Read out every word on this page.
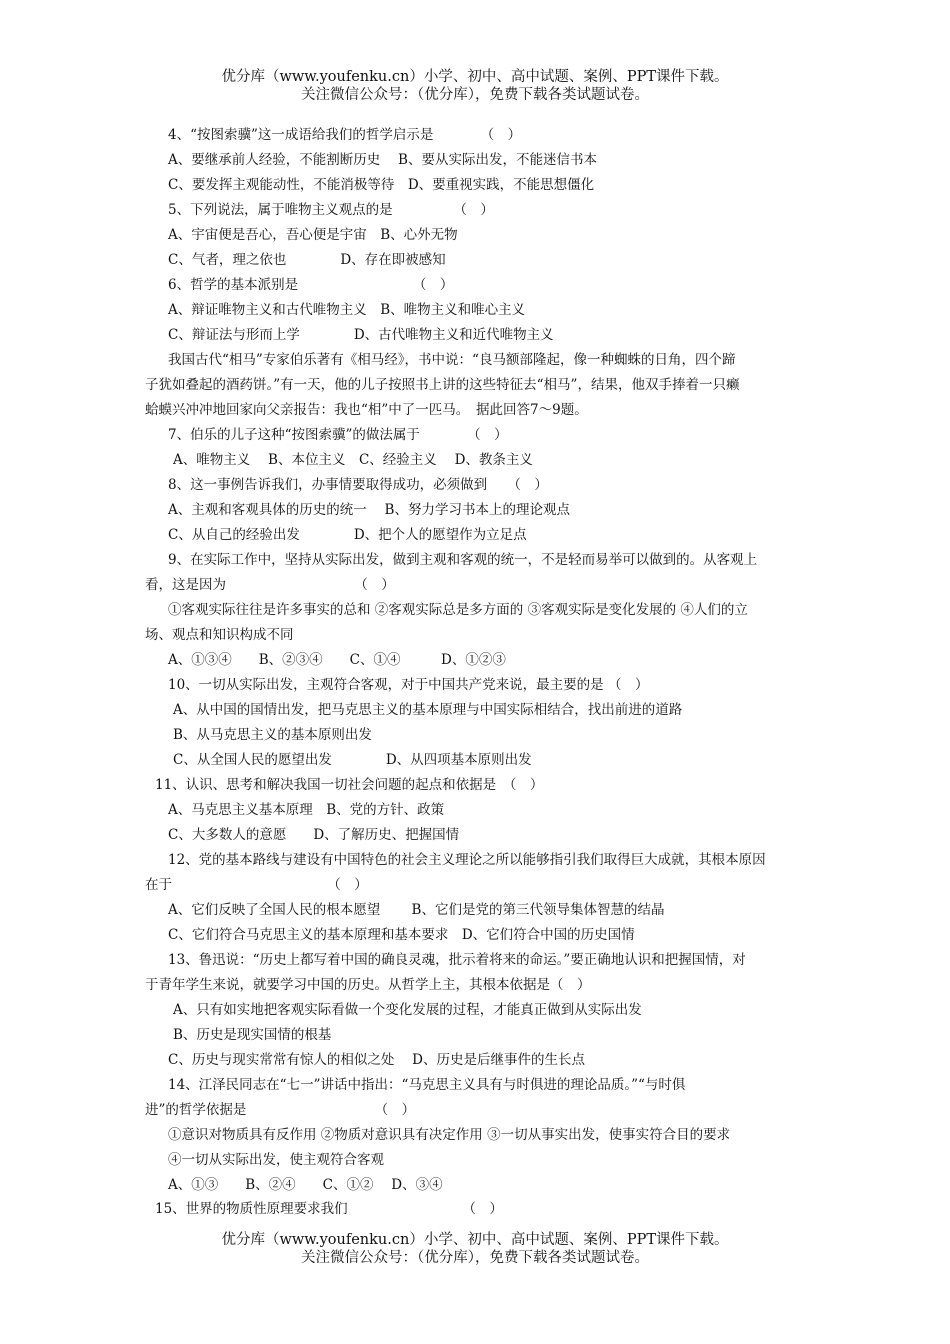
优分库（www.youfenku.cn）小学、初中、高中试题、案例、PPT课件下载。
关注微信公众号：（优分库），免费下载各类试题试卷。
4、“按图索骥”这一成语给我们的哲学启示是　　　　（　）
A、要继承前人经验，不能割断历史　 B、要从实际出发，不能迷信书本
C、要发挥主观能动性，不能消极等待　D、要重视实践，不能思想僵化
5、下列说法，属于唯物主义观点的是　　　　　（　）
A、宇宙便是吾心，吾心便是宇宙　B、心外无物
C、气者，理之依也　　　　D、存在即被感知
6、哲学的基本派别是　　　　　　　　　（　）
A、辩证唯物主义和古代唯物主义　B、唯物主义和唯心主义
C、辩证法与形而上学　　　　D、古代唯物主义和近代唯物主义
我国古代“相马”专家伯乐著有《相马经》，书中说：“良马额部隆起，像一种蜘蛛的日角，四个蹄
子犹如叠起的酒药饼。”有一天，他的儿子按照书上讲的这些特征去“相马”，结果，他双手捧着一只癞
蛤蟆兴冲冲地回家向父亲报告：我也“相”中了一匹马。　据此回答7～9题。
7、伯乐的儿子这种“按图索骥”的做法属于　　　　（　）
A、唯物主义　 B、本位主义　C、经验主义　 D、教条主义
8、这一事例告诉我们，办事情要取得成功，必须做到　　（　）
A、主观和客观具体的历史的统一　 B、努力学习书本上的理论观点
C、从自己的经验出发　　　　D、把个人的愿望作为立足点
9、在实际工作中，坚持从实际出发，做到主观和客观的统一，不是轻而易举可以做到的。从客观上
看，这是因为　　　　　　　　　　（　）
①客观实际往往是许多事实的总和 ②客观实际总是多方面的 ③客观实际是变化发展的 ④人们的立
场、观点和知识构成不同
A、①③④　　B、②③④　　C、①④　　　D、①②③
10、一切从实际出发，主观符合客观，对于中国共产党来说，最主要的是 （　）
A、从中国的国情出发，把马克思主义的基本原理与中国实际相结合，找出前进的道路
B、从马克思主义的基本原则出发
C、从全国人民的愿望出发　　　　D、从四项基本原则出发
11、认识、思考和解决我国一切社会问题的起点和依据是　（　）
A、马克思主义基本原理　B、党的方针、政策
C、大多数人的意愿　　D、了解历史、把握国情
12、党的基本路线与建设有中国特色的社会主义理论之所以能够指引我们取得巨大成就，其根本原因
在于　　　　　　　　　　　　（　）
A、它们反映了全国人民的根本愿望　　 B、它们是党的第三代领导集体智慧的结晶
C、它们符合马克思主义的基本原理和基本要求　D、它们符合中国的历史国情
13、鲁迅说：“历史上都写着中国的确良灵魂，批示着将来的命运。”要正确地认识和把握国情，对
于青年学生来说，就要学习中国的历史。从哲学上主，其根本依据是（　）
A、只有如实地把客观实际看做一个变化发展的过程，才能真正做到从实际出发
B、历史是现实国情的根基
C、历史与现实常常有惊人的相似之处　 D、历史是后继事件的生长点
14、江泽民同志在“七一”讲话中指出：“马克思主义具有与时俱进的理论品质。”“与时俱
进”的哲学依据是　　　　　　　　　　（　）
①意识对物质具有反作用 ②物质对意识具有决定作用 ③一切从事实出发，使事实符合目的要求
④一切从实际出发，使主观符合客观
A、①③　　B、②④　　C、①②　 D、③④
15、世界的物质性原理要求我们　　　　　　　　　（　）
优分库（www.youfenku.cn）小学、初中、高中试题、案例、PPT课件下载。
关注微信公众号：（优分库），免费下载各类试题试卷。
